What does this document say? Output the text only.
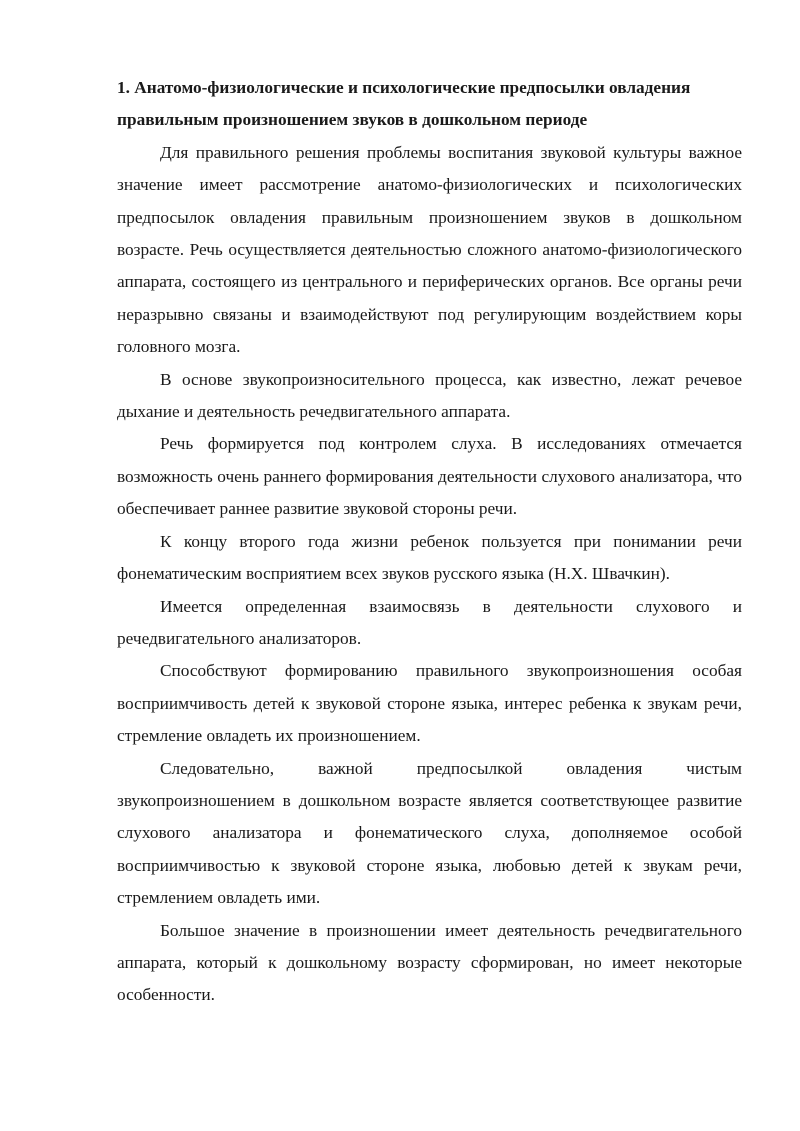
1. Анатомо-физиологические и психологические предпосылки овладения правильным произношением звуков в дошкольном периоде

Для правильного решения проблемы воспитания звуковой культуры важное значение имеет рассмотрение анатомо-физиологических и психологических предпосылок овладения правильным произношением звуков в дошкольном возрасте. Речь осуществляется деятельностью сложного анатомо-физиологического аппарата, состоящего из центрального и периферических органов. Все органы речи неразрывно связаны и взаимодействуют под регулирующим воздействием коры головного мозга.

В основе звукопроизносительного процесса, как известно, лежат речевое дыхание и деятельность речедвигательного аппарата.

Речь формируется под контролем слуха. В исследованиях отмечается возможность очень раннего формирования деятельности слухового анализатора, что обеспечивает раннее развитие звуковой стороны речи.

К концу второго года жизни ребенок пользуется при понимании речи фонематическим восприятием всех звуков русского языка (Н.Х. Швачкин).

Имеется определенная взаимосвязь в деятельности слухового и речедвигательного анализаторов.

Способствуют формированию правильного звукопроизношения особая восприимчивость детей к звуковой стороне языка, интерес ребенка к звукам речи, стремление овладеть их произношением.

Следовательно, важной предпосылкой овладения чистым звукопроизношением в дошкольном возрасте является соответствующее развитие слухового анализатора и фонематического слуха, дополняемое особой восприимчивостью к звуковой стороне языка, любовью детей к звукам речи, стремлением овладеть ими.

Большое значение в произношении имеет деятельность речедвигательного аппарата, который к дошкольному возрасту сформирован, но имеет некоторые особенности.
